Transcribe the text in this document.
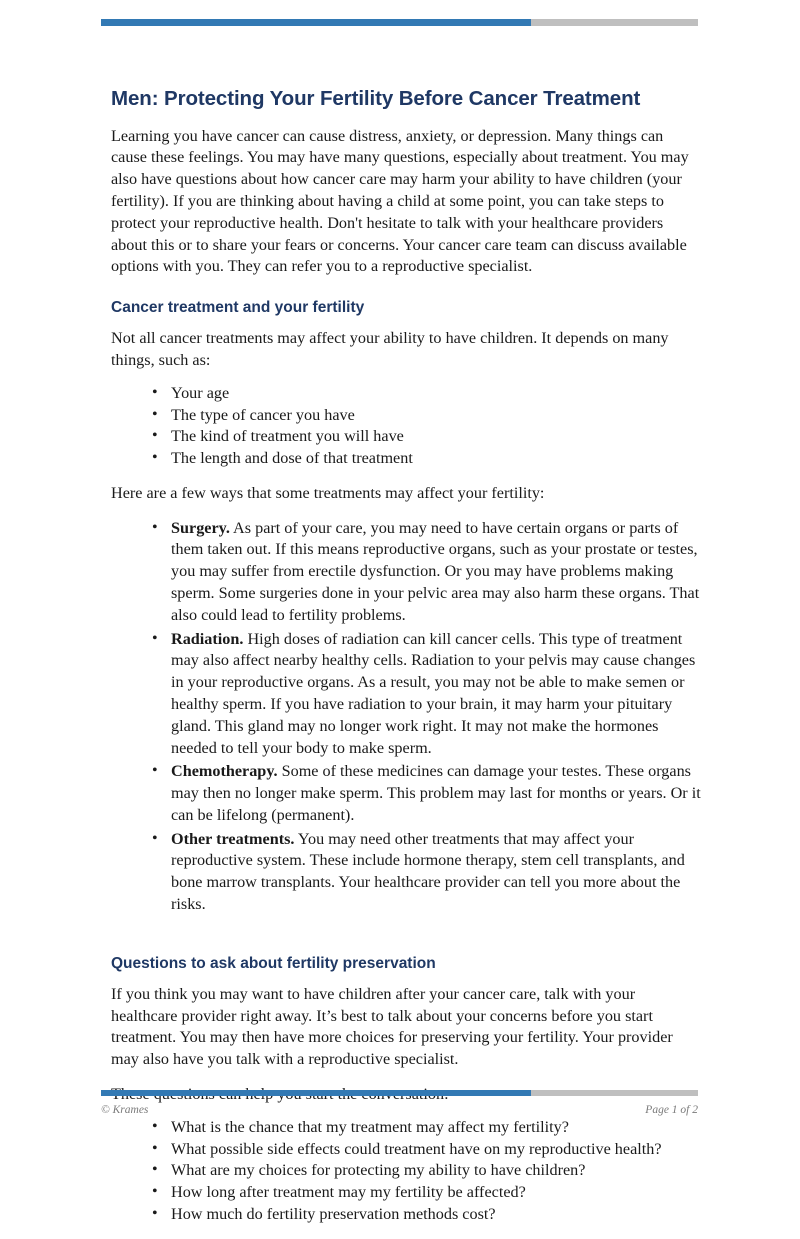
Men: Protecting Your Fertility Before Cancer Treatment

Learning you have cancer can cause distress, anxiety, or depression. Many things can cause these feelings. You may have many questions, especially about treatment. You may also have questions about how cancer care may harm your ability to have children (your fertility). If you are thinking about having a child at some point, you can take steps to protect your reproductive health. Don't hesitate to talk with your healthcare providers about this or to share your fears or concerns. Your cancer care team can discuss available options with you. They can refer you to a reproductive specialist.

Cancer treatment and your fertility

Not all cancer treatments may affect your ability to have children. It depends on many things, such as:

• Your age
• The type of cancer you have
• The kind of treatment you will have
• The length and dose of that treatment

Here are a few ways that some treatments may affect your fertility:

• Surgery. As part of your care, you may need to have certain organs or parts of them taken out. If this means reproductive organs, such as your prostate or testes, you may suffer from erectile dysfunction. Or you may have problems making sperm. Some surgeries done in your pelvic area may also harm these organs. That also could lead to fertility problems.
• Radiation. High doses of radiation can kill cancer cells. This type of treatment may also affect nearby healthy cells. Radiation to your pelvis may cause changes in your reproductive organs. As a result, you may not be able to make semen or healthy sperm. If you have radiation to your brain, it may harm your pituitary gland. This gland may no longer work right. It may not make the hormones needed to tell your body to make sperm.
• Chemotherapy. Some of these medicines can damage your testes. These organs may then no longer make sperm. This problem may last for months or years. Or it can be lifelong (permanent).
• Other treatments. You may need other treatments that may affect your reproductive system. These include hormone therapy, stem cell transplants, and bone marrow transplants. Your healthcare provider can tell you more about the risks.
Questions to ask about fertility preservation

If you think you may want to have children after your cancer care, talk with your healthcare provider right away. It’s best to talk about your concerns before you start treatment. You may then have more choices for preserving your fertility. Your provider may also have you talk with a reproductive specialist.

• What is the chance that my treatment may affect my fertility?
• What possible side effects could treatment have on my reproductive health?
• What are my choices for protecting my ability to have children?
• How long after treatment may my fertility be affected?
• How much do fertility preservation methods cost?
© Krames	Page 1 of 2
